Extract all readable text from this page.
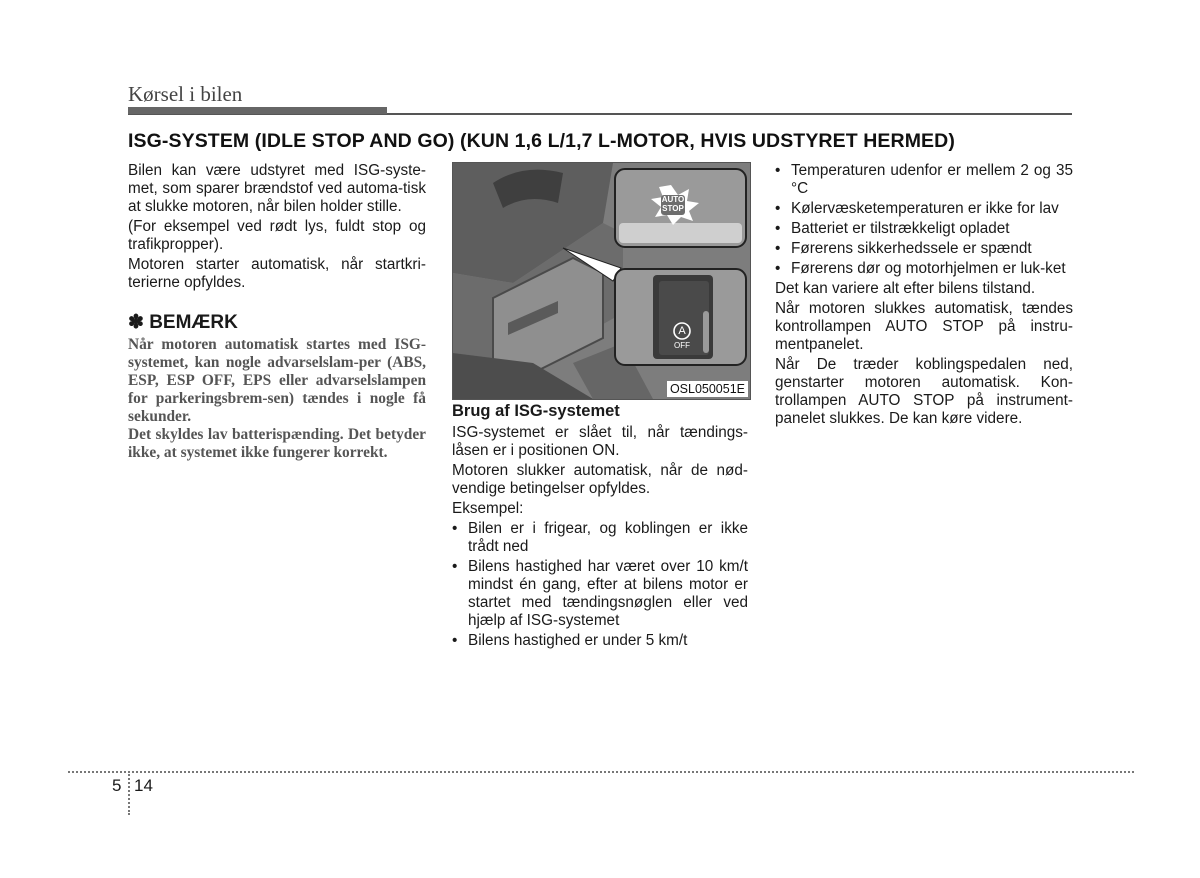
Kørsel i bilen
ISG-SYSTEM (IDLE STOP AND GO) (KUN 1,6 L/1,7 L-MOTOR, HVIS UDSTYRET HERMED)

Bilen kan være udstyret med ISG-syste-met, som sparer brændstof ved automa-tisk at slukke motoren, når bilen holder stille.

(For eksempel ved rødt lys, fuldt stop og trafikpropper).

Motoren starter automatisk, når startkri-terierne opfyldes.

✽ BEMÆRK

Når motoren automatisk startes med ISG-systemet, kan nogle advarselslam-per (ABS, ESP, ESP OFF, EPS eller advarselslampen for parkeringsbrem-sen) tændes i nogle få sekunder.

Det skyldes lav batterispænding. Det betyder ikke, at systemet ikke fungerer korrekt.

AUTO
STOP
A
OFF
OSL050051E
Brug af ISG-systemet

ISG-systemet er slået til, når tændings-låsen er i positionen ON.

Motoren slukker automatisk, når de nød-vendige betingelser opfyldes.

Eksempel:

• Bilen er i frigear, og koblingen er ikke trådt ned
• Bilens hastighed har været over 10 km/t mindst én gang, efter at bilens motor er startet med tændingsnøglen eller ved hjælp af ISG-systemet
• Bilens hastighed er under 5 km/t
• Temperaturen udenfor er mellem 2 og 35 °C
• Kølervæsketemperaturen er ikke for lav
• Batteriet er tilstrækkeligt opladet
• Førerens sikkerhedssele er spændt
• Førerens dør og motorhjelmen er luk-ket

Det kan variere alt efter bilens tilstand.

Når motoren slukkes automatisk, tændes kontrollampen AUTO STOP på instru-mentpanelet.

Når De træder koblingspedalen ned, genstarter motoren automatisk. Kon-trollampen AUTO STOP på instrument-panelet slukkes. De kan køre videre.

5 14
